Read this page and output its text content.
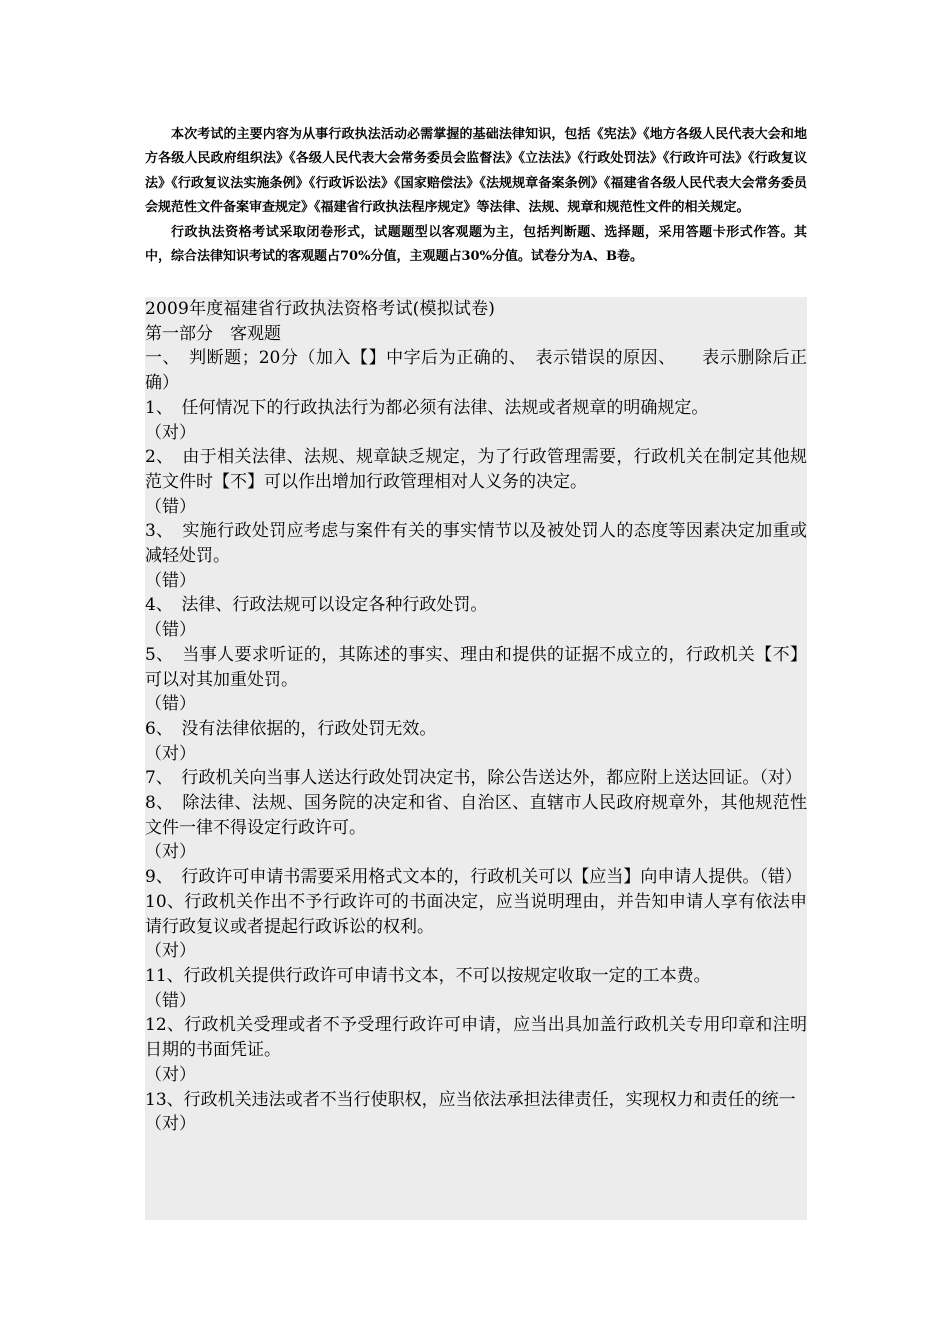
本次考试的主要内容为从事行政执法活动必需掌握的基础法律知识，包括《宪法》《地方各级人民代表大会和地方各级人民政府组织法》《各级人民代表大会常务委员会监督法》《立法法》《行政处罚法》《行政许可法》《行政复议法》《行政复议法实施条例》《行政诉讼法》《国家赔偿法》《法规规章备案条例》《福建省各级人民代表大会常务委员会规范性文件备案审查规定》《福建省行政执法程序规定》等法律、法规、规章和规范性文件的相关规定。

行政执法资格考试采取闭卷形式，试题题型以客观题为主，包括判断题、选择题，采用答题卡形式作答。其中，综合法律知识考试的客观题占70%分值，主观题占30%分值。试卷分为A、B卷。

2009年度福建省行政执法资格考试(模拟试卷)
第一部分　客观题
一、　判断题；20分（加入【】中字后为正确的、　表示错误的原因、　　表示删除后正确）
1、　任何情况下的行政执法行为都必须有法律、法规或者规章的明确规定。
（对）
2、　由于相关法律、法规、规章缺乏规定，为了行政管理需要，行政机关在制定其他规范文件时【不】可以作出增加行政管理相对人义务的决定。
（错）
3、　实施行政处罚应考虑与案件有关的事实情节以及被处罚人的态度等因素决定加重或减轻处罚。
（错）
4、　法律、行政法规可以设定各种行政处罚。
（错）
5、　当事人要求听证的，其陈述的事实、理由和提供的证据不成立的，行政机关【不】可以对其加重处罚。
（错）
6、　没有法律依据的，行政处罚无效。
（对）
7、　行政机关向当事人送达行政处罚决定书，除公告送达外，都应附上送达回证。（对）
8、　除法律、法规、国务院的决定和省、自治区、直辖市人民政府规章外，其他规范性文件一律不得设定行政许可。
（对）
9、　行政许可申请书需要采用格式文本的，行政机关可以【应当】向申请人提供。（错）
10、行政机关作出不予行政许可的书面决定，应当说明理由，并告知申请人享有依法申请行政复议或者提起行政诉讼的权利。
（对）
11、行政机关提供行政许可申请书文本，不可以按规定收取一定的工本费。
（错）
12、行政机关受理或者不予受理行政许可申请，应当出具加盖行政机关专用印章和注明日期的书面凭证。
（对）
13、行政机关违法或者不当行使职权，应当依法承担法律责任，实现权力和责任的统一
（对）
